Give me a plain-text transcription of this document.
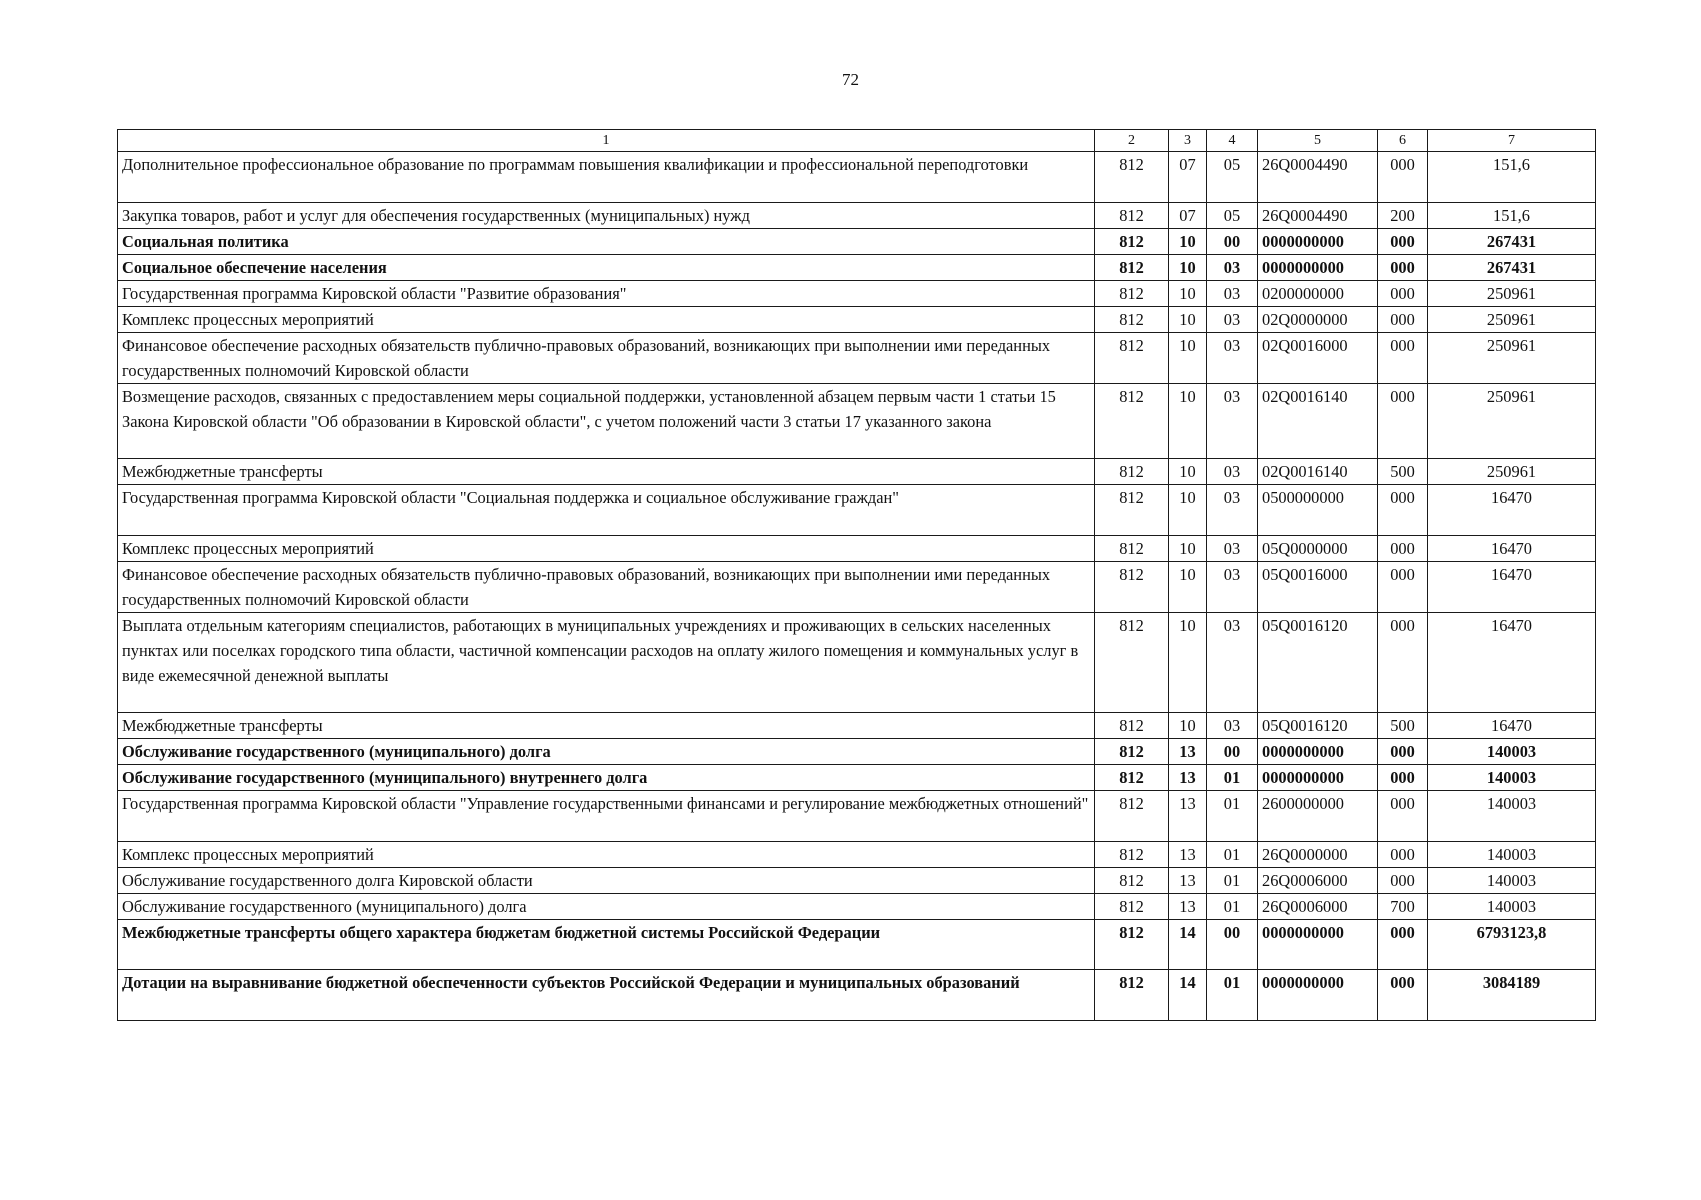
72
1	2	3	4	5	6	7
Дополнительное профессиональное образование по программам повышения квалификации и профессиональной переподготовки	812	07	05	26Q0004490	000	151,6
Закупка товаров, работ и услуг для обеспечения государственных (муниципальных) нужд	812	07	05	26Q0004490	200	151,6
Социальная политика	812	10	00	0000000000	000	267431
Социальное обеспечение населения	812	10	03	0000000000	000	267431
Государственная программа Кировской области "Развитие образования"	812	10	03	0200000000	000	250961
Комплекс процессных мероприятий	812	10	03	02Q0000000	000	250961
Финансовое обеспечение расходных обязательств публично-правовых образований, возникающих при выполнении ими переданных государственных полномочий Кировской области	812	10	03	02Q0016000	000	250961
Возмещение расходов, связанных с предоставлением меры социальной поддержки, установленной абзацем первым части 1 статьи 15 Закона Кировской области "Об образовании в Кировской области", с учетом положений части 3 статьи 17 указанного закона	812	10	03	02Q0016140	000	250961
Межбюджетные трансферты	812	10	03	02Q0016140	500	250961
Государственная программа Кировской области "Социальная поддержка и социальное обслуживание граждан"	812	10	03	0500000000	000	16470
Комплекс процессных мероприятий	812	10	03	05Q0000000	000	16470
Финансовое обеспечение расходных обязательств публично-правовых образований, возникающих при выполнении ими переданных государственных полномочий Кировской области	812	10	03	05Q0016000	000	16470
Выплата отдельным категориям специалистов, работающих в муниципальных учреждениях и проживающих в сельских населенных пунктах или поселках городского типа области, частичной компенсации расходов на оплату жилого помещения и коммунальных услуг в виде ежемесячной денежной выплаты	812	10	03	05Q0016120	000	16470
Межбюджетные трансферты	812	10	03	05Q0016120	500	16470
Обслуживание государственного (муниципального) долга	812	13	00	0000000000	000	140003
Обслуживание государственного (муниципального) внутреннего долга	812	13	01	0000000000	000	140003
Государственная программа Кировской области "Управление государственными финансами и регулирование межбюджетных отношений"	812	13	01	2600000000	000	140003
Комплекс процессных мероприятий	812	13	01	26Q0000000	000	140003
Обслуживание государственного долга Кировской области	812	13	01	26Q0006000	000	140003
Обслуживание государственного (муниципального) долга	812	13	01	26Q0006000	700	140003
Межбюджетные трансферты общего характера бюджетам бюджетной системы Российской Федерации	812	14	00	0000000000	000	6793123,8
Дотации на выравнивание бюджетной обеспеченности субъектов Российской Федерации и муниципальных образований	812	14	01	0000000000	000	3084189
